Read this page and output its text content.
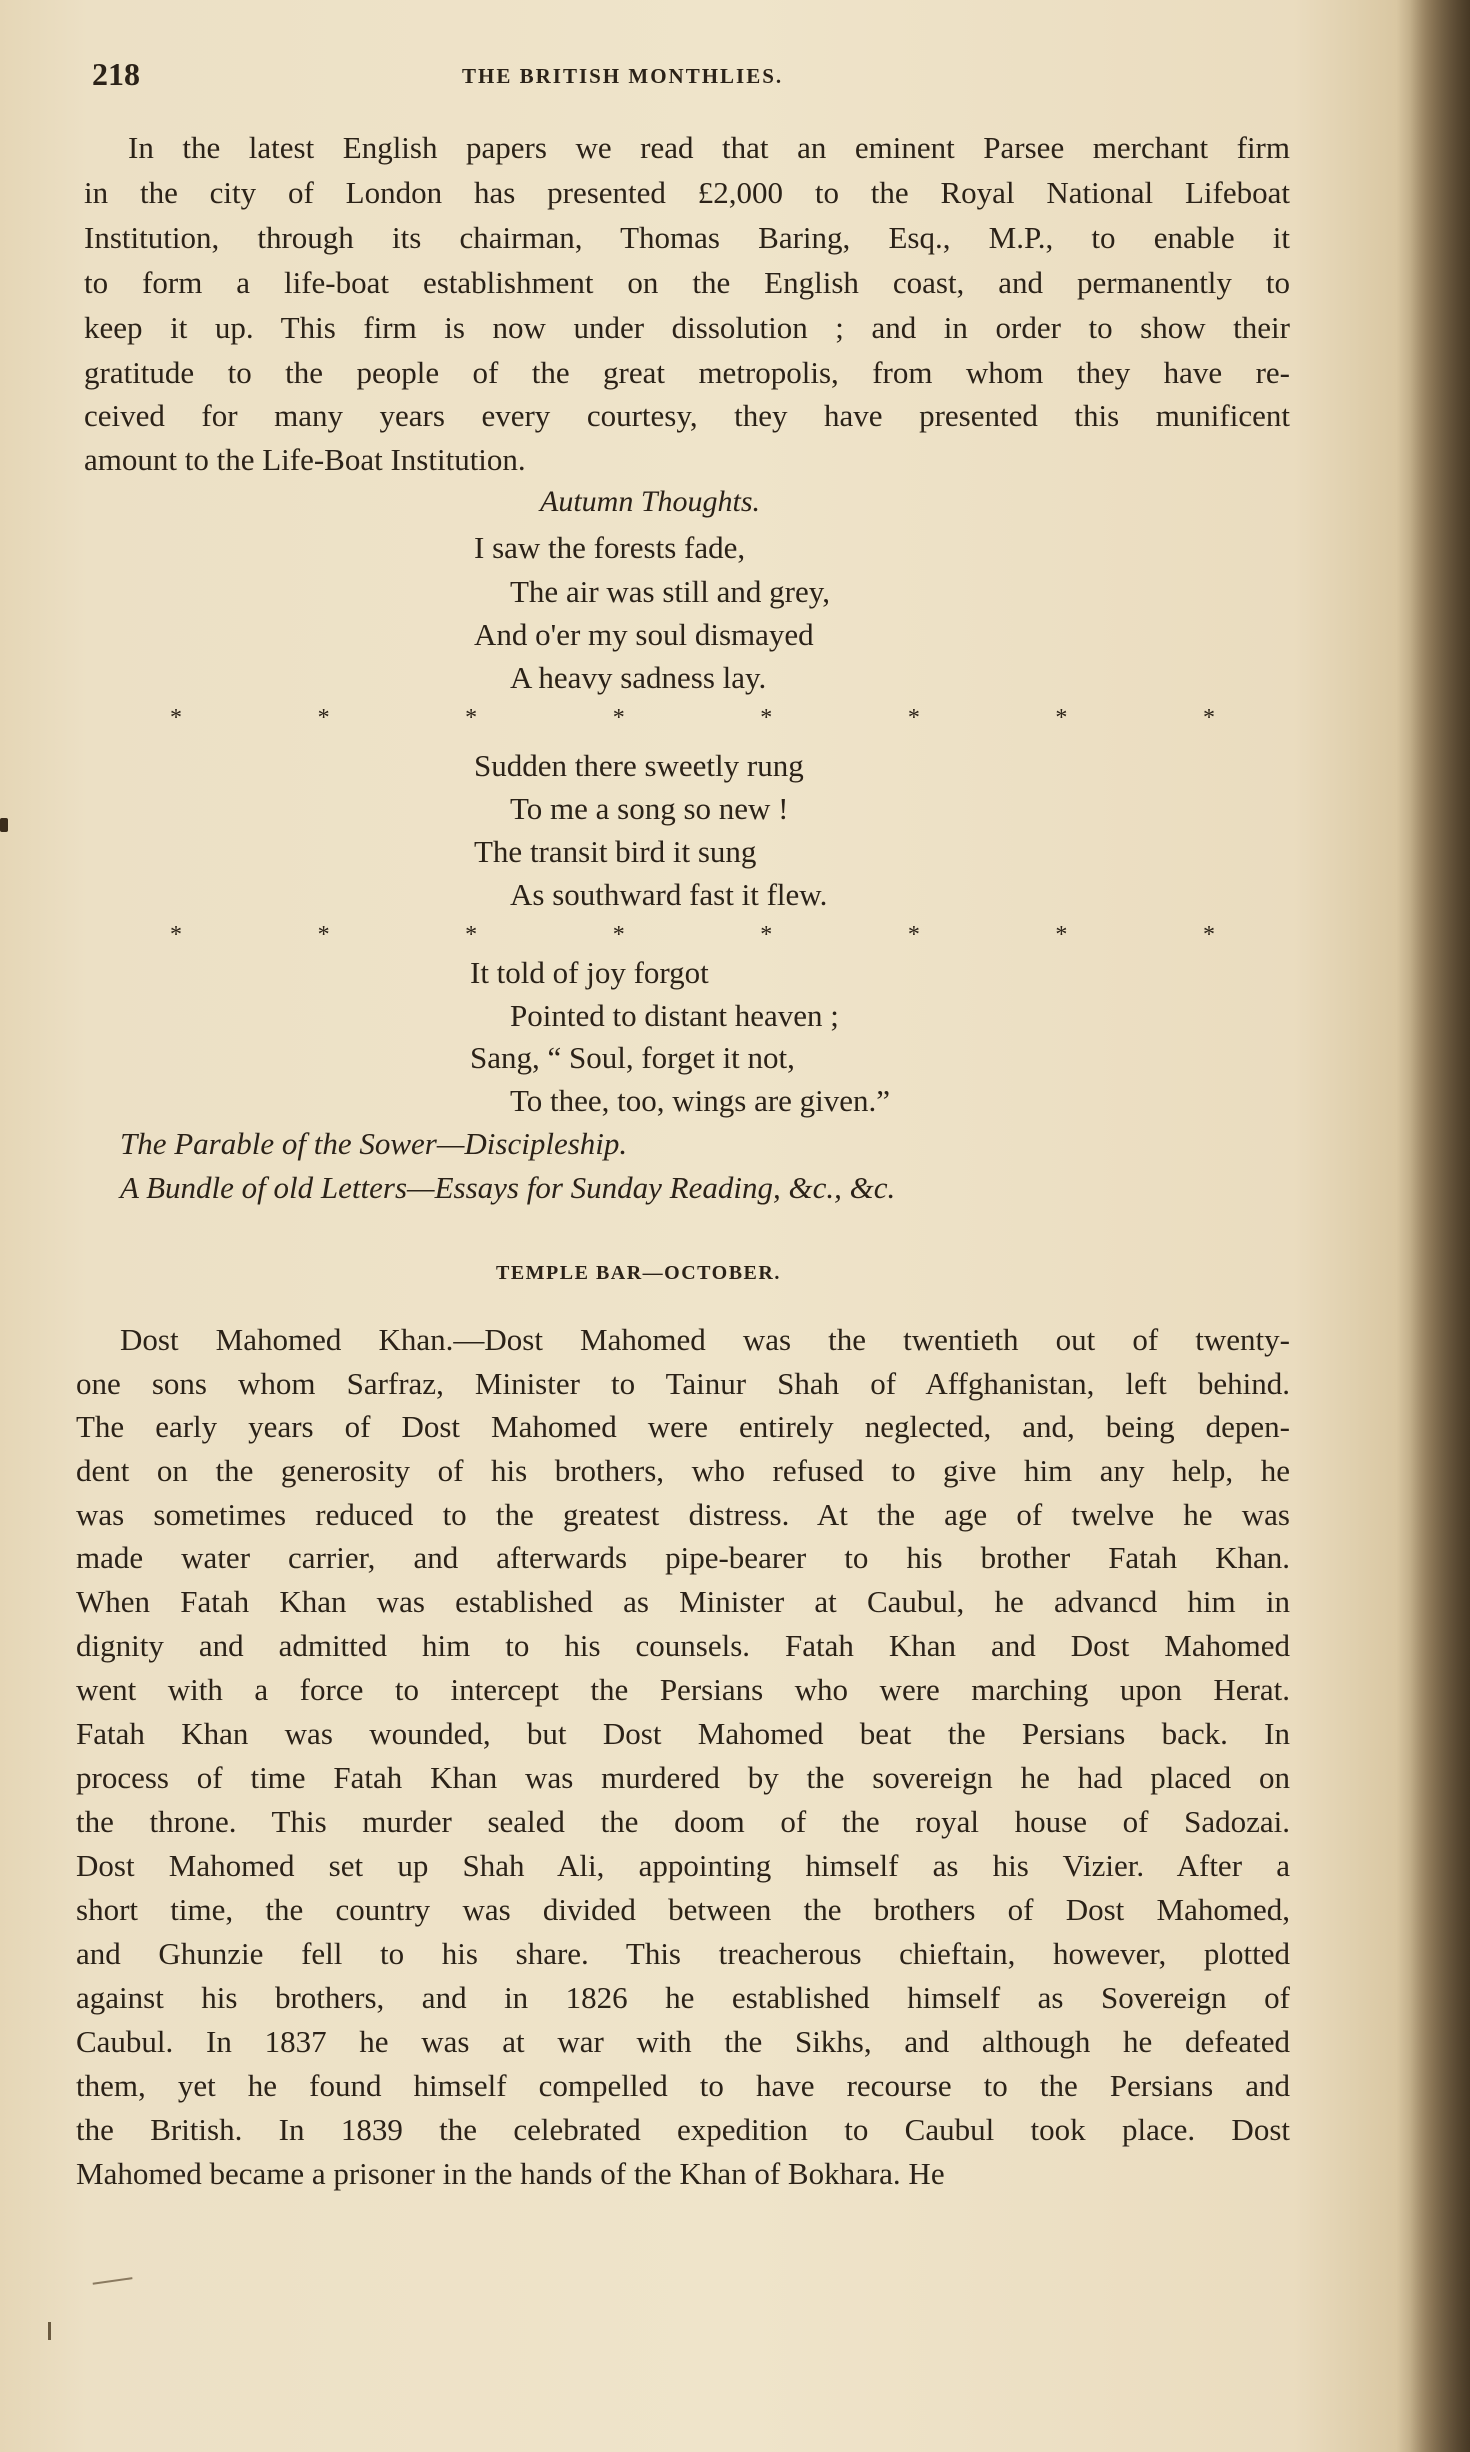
218	THE BRITISH MONTHLIES.
In the latest English papers we read that an eminent Parsee merchant firm
in the city of London has presented £2,000 to the Royal National Lifeboat
Institution, through its chairman, Thomas Baring, Esq., M.P., to enable it
to form a life-boat establishment on the English coast, and permanently to
keep it up. This firm is now under dissolution ; and in order to show their
gratitude to the people of the great metropolis, from whom they have re-
ceived for many years every courtesy, they have presented this munificent
amount to the Life-Boat Institution.
Autumn Thoughts.
I saw the forests fade,
The air was still and grey,
And o'er my soul dismayed
A heavy sadness lay.
*	*	*	*	*	*	*	*
Sudden there sweetly rung
To me a song so new !
The transit bird it sung
As southward fast it flew.
*	*	*	*	*	*	*	*
It told of joy forgot
Pointed to distant heaven ;
Sang, “ Soul, forget it not,
To thee, too, wings are given.”
The Parable of the Sower—Discipleship.
A Bundle of old Letters—Essays for Sunday Reading, &c., &c.
TEMPLE BAR—OCTOBER.
Dost Mahomed Khan.—Dost Mahomed was the twentieth out of twenty-
one sons whom Sarfraz, Minister to Tainur Shah of Affghanistan, left behind.
The early years of Dost Mahomed were entirely neglected, and, being depen-
dent on the generosity of his brothers, who refused to give him any help, he
was sometimes reduced to the greatest distress. At the age of twelve he was
made water carrier, and afterwards pipe-bearer to his brother Fatah Khan.
When Fatah Khan was established as Minister at Caubul, he advancd him in
dignity and admitted him to his counsels. Fatah Khan and Dost Mahomed
went with a force to intercept the Persians who were marching upon Herat.
Fatah Khan was wounded, but Dost Mahomed beat the Persians back. In
process of time Fatah Khan was murdered by the sovereign he had placed on
the throne. This murder sealed the doom of the royal house of Sadozai.
Dost Mahomed set up Shah Ali, appointing himself as his Vizier. After a
short time, the country was divided between the brothers of Dost Mahomed,
and Ghunzie fell to his share. This treacherous chieftain, however, plotted
against his brothers, and in 1826 he established himself as Sovereign of
Caubul. In 1837 he was at war with the Sikhs, and although he defeated
them, yet he found himself compelled to have recourse to the Persians and
the British. In 1839 the celebrated expedition to Caubul took place. Dost
Mahomed became a prisoner in the hands of the Khan of Bokhara. He
